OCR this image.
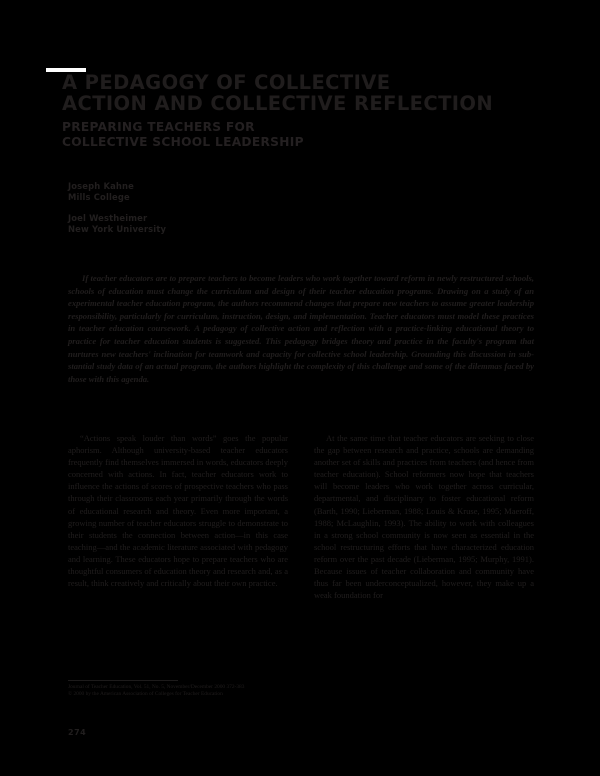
A PEDAGOGY OF COLLECTIVE
ACTION AND COLLECTIVE REFLECTION
PREPARING TEACHERS FOR
COLLECTIVE SCHOOL LEADERSHIP
Joseph Kahne
Mills College
Joel Westheimer
New York University
If teacher educators are to prepare teachers to become leaders who work together toward reform in newly restructured schools, schools of education must change the curriculum and design of their teacher education programs. Drawing on a study of an experimental teacher education program, the authors recommend changes that prepare new teachers to assume greater leadership responsibility, particularly for curriculum, instruction, design, and implementation. Teacher educators must model these practices in teacher education coursework. A pedagogy of collective action and reflection with a practice-linking educational theory to practice for teacher education students is suggested. This pedagogy bridges theory and practice in the faculty's program that nurtures new teachers' inclination for teamwork and capacity for collective school leadership. Grounding this discussion in sub-stantial study data of an actual program, the authors highlight the complexity of this challenge and some of the dilemmas faced by those with this agenda.

“Actions speak louder than words” goes the popular aphorism. Although university-based teacher educators frequently find themselves immersed in words, educators deeply concerned with actions. In fact, teacher educators work to influence the actions of scores of prospective teachers who pass through their classrooms each year primarily through the words of educational research and theory. Even more important, a growing number of teacher educators struggle to demonstrate to their students the connection between action—in this case teaching—and the academic literature associated with pedagogy and learning. These educators hope to prepare teachers who are thoughtful consumers of education theory and research and, as a result, think creatively and critically about their own practice.

At the same time that teacher educators are seeking to close the gap between research and practice, schools are demanding another set of skills and practices from teachers (and hence from teacher education). School reformers now hope that teachers will become leaders who work together across curricular, departmental, and disciplinary to foster educational reform (Barth, 1990; Lieberman, 1988; Louis & Kruse, 1995; Maeroff, 1988; McLaughlin, 1993). The ability to work with colleagues in a strong school community is now seen as essential in the school restructuring efforts that have characterized education reform over the past decade (Lieberman, 1995; Murphy, 1991). Because issues of teacher collaboration and community have thus far been underconceptualized, however, they make up a weak foundation for

Journal of Teacher Education, Vol. 51, No. 5, November/December 2000 372-383
© 2000 by the American Association of Colleges for Teacher Education
274
